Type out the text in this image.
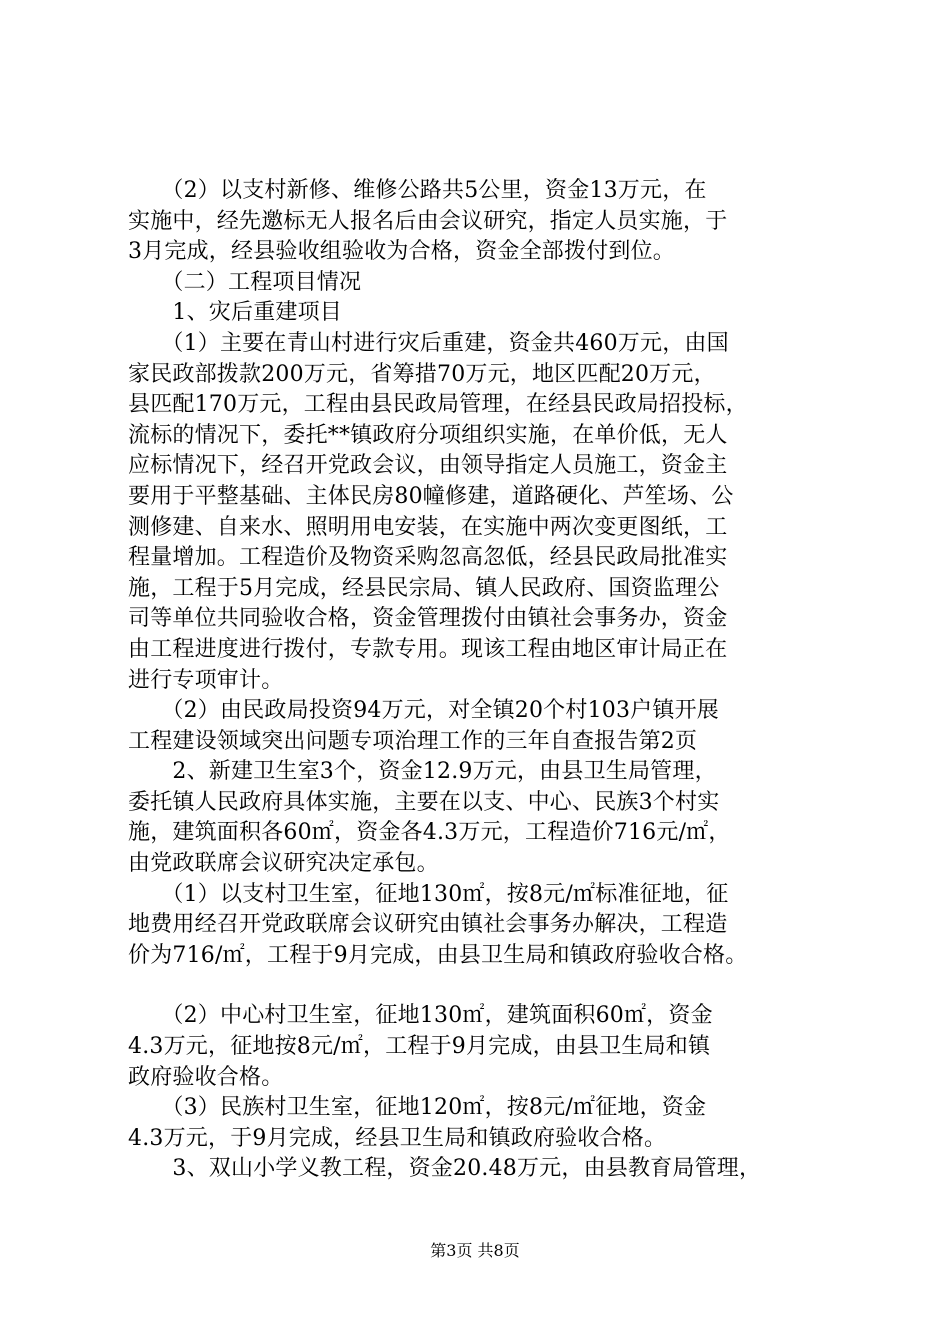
　　（2）以支村新修、维修公路共5公里，资金13万元，在
实施中，经先邀标无人报名后由会议研究，指定人员实施，于
3月完成，经县验收组验收为合格，资金全部拨付到位。
　　（二）工程项目情况
　　1、灾后重建项目
　　（1）主要在青山村进行灾后重建，资金共460万元，由国
家民政部拨款200万元，省筹措70万元，地区匹配20万元，
县匹配170万元，工程由县民政局管理，在经县民政局招投标，
流标的情况下，委托**镇政府分项组织实施，在单价低，无人
应标情况下，经召开党政会议，由领导指定人员施工，资金主
要用于平整基础、主体民房80幢修建，道路硬化、芦笙场、公
测修建、自来水、照明用电安装，在实施中两次变更图纸，工
程量增加。工程造价及物资采购忽高忽低，经县民政局批准实
施，工程于5月完成，经县民宗局、镇人民政府、国资监理公
司等单位共同验收合格，资金管理拨付由镇社会事务办，资金
由工程进度进行拨付，专款专用。现该工程由地区审计局正在
进行专项审计。
　　（2）由民政局投资94万元，对全镇20个村103户镇开展
工程建设领域突出问题专项治理工作的三年自查报告第2页
　　2、新建卫生室3个，资金12.9万元，由县卫生局管理，
委托镇人民政府具体实施，主要在以支、中心、民族3个村实
施，建筑面积各60㎡，资金各4.3万元，工程造价716元/㎡，
由党政联席会议研究决定承包。
　　（1）以支村卫生室，征地130㎡，按8元/㎡标准征地，征
地费用经召开党政联席会议研究由镇社会事务办解决，工程造
价为716/㎡，工程于9月完成，由县卫生局和镇政府验收合格。
　　（2）中心村卫生室，征地130㎡，建筑面积60㎡，资金
4.3万元，征地按8元/㎡，工程于9月完成，由县卫生局和镇
政府验收合格。
　　（3）民族村卫生室，征地120㎡，按8元/㎡征地，资金
4.3万元，于9月完成，经县卫生局和镇政府验收合格。
　　3、双山小学义教工程，资金20.48万元，由县教育局管理，
第3页 共8页
